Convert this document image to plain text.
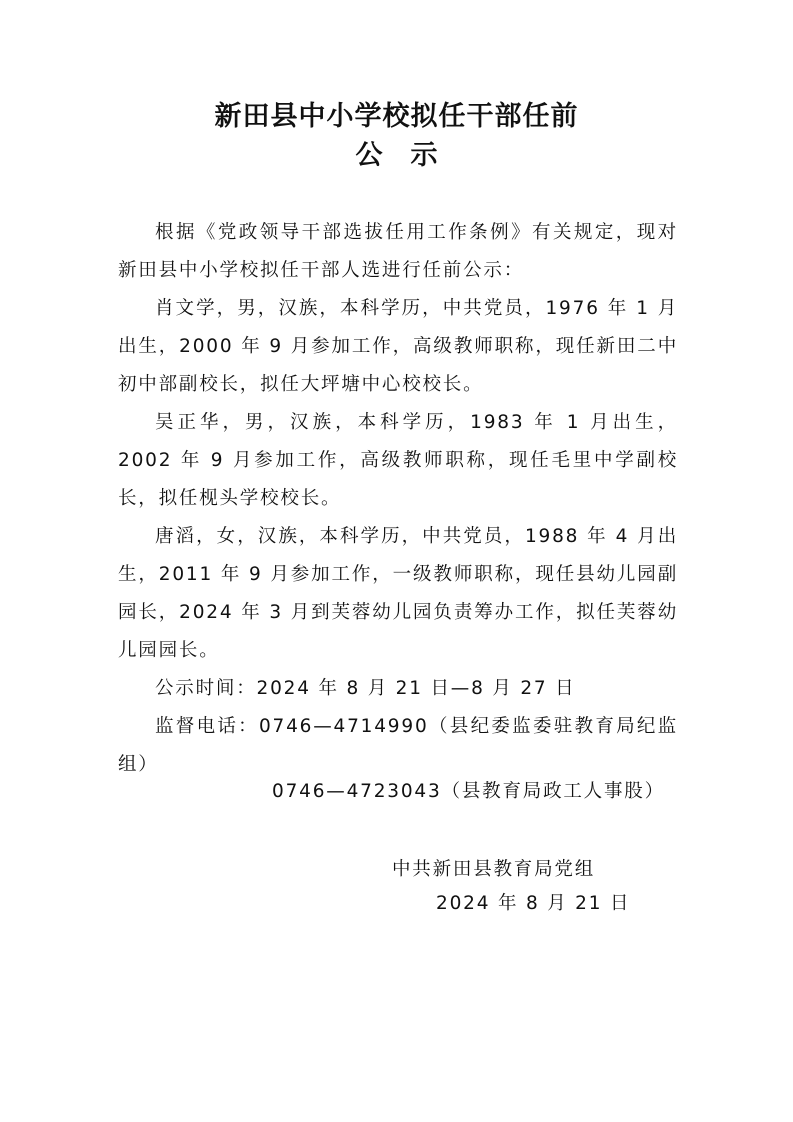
新田县中小学校拟任干部任前
公示

根据《党政领导干部选拔任用工作条例》有关规定，现对新田县中小学校拟任干部人选进行任前公示：

肖文学，男，汉族，本科学历，中共党员，1976 年 1 月出生，2000 年 9 月参加工作，高级教师职称，现任新田二中初中部副校长，拟任大坪塘中心校校长。

吴正华，男，汉族，本科学历，1983 年 1 月出生，2002 年 9 月参加工作，高级教师职称，现任毛里中学副校长，拟任枧头学校校长。

唐滔，女，汉族，本科学历，中共党员，1988 年 4 月出生，2011 年 9 月参加工作，一级教师职称，现任县幼儿园副园长，2024 年 3 月到芙蓉幼儿园负责筹办工作，拟任芙蓉幼儿园园长。

公示时间：2024 年 8 月 21 日—8 月 27 日

监督电话：0746—4714990（县纪委监委驻教育局纪监组）

0746—4723043（县教育局政工人事股）
中共新田县教育局党组
2024 年 8 月 21 日
